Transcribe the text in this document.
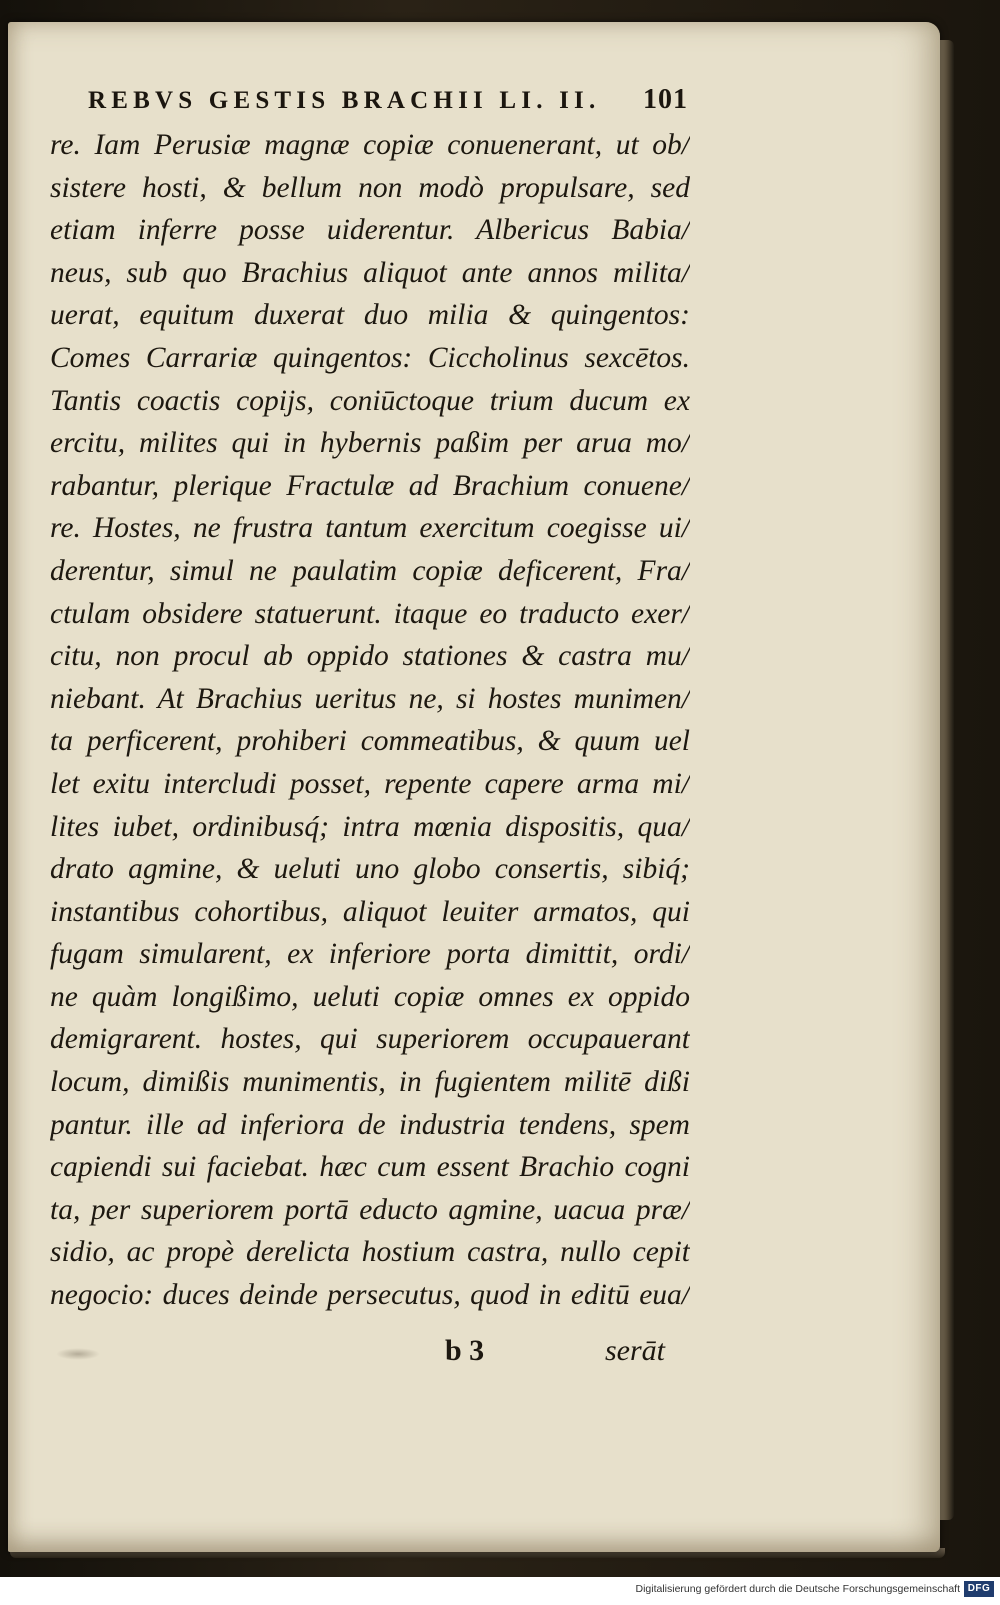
REBVS GESTIS BRACHII LI. II. 101
re. Iam Perusiæ magnæ copiæ conuenerant, ut ob/
sistere hosti, & bellum non modò propulsare, sed
etiam inferre posse uiderentur. Albericus Babia/
neus, sub quo Brachius aliquot ante annos milita/
uerat, equitum duxerat duo milia & quingentos:
Comes Carrariæ quingentos: Ciccholinus sexcētos.
Tantis coactis copijs, coniūctoque trium ducum ex
ercitu, milites qui in hybernis paßim per arua mo/
rabantur, plerique Fractulæ ad Brachium conuene/
re. Hostes, ne frustra tantum exercitum coegisse ui/
derentur, simul ne paulatim copiæ deficerent, Fra/
ctulam obsidere statuerunt. itaque eo traducto exer/
citu, non procul ab oppido stationes & castra mu/
niebant. At Brachius ueritus ne, si hostes munimen/
ta perficerent, prohiberi commeatibus, & quum uel
let exitu intercludi posset, repente capere arma mi/
lites iubet, ordinibusq́; intra mœnia dispositis, qua/
drato agmine, & ueluti uno globo consertis, sibiq́;
instantibus cohortibus, aliquot leuiter armatos, qui
fugam simularent, ex inferiore porta dimittit, ordi/
ne quàm longißimo, ueluti copiæ omnes ex oppido
demigrarent. hostes, qui superiorem occupauerant
locum, dimißis munimentis, in fugientem militē dißi
pantur. ille ad inferiora de industria tendens, spem
capiendi sui faciebat. hæc cum essent Brachio cogni
ta, per superiorem portā educto agmine, uacua præ/
sidio, ac propè derelicta hostium castra, nullo cepit
negocio: duces deinde persecutus, quod in editū eua/
b 3	serāt
Digitalisierung gefördert durch die Deutsche Forschungsgemeinschaft DFG
